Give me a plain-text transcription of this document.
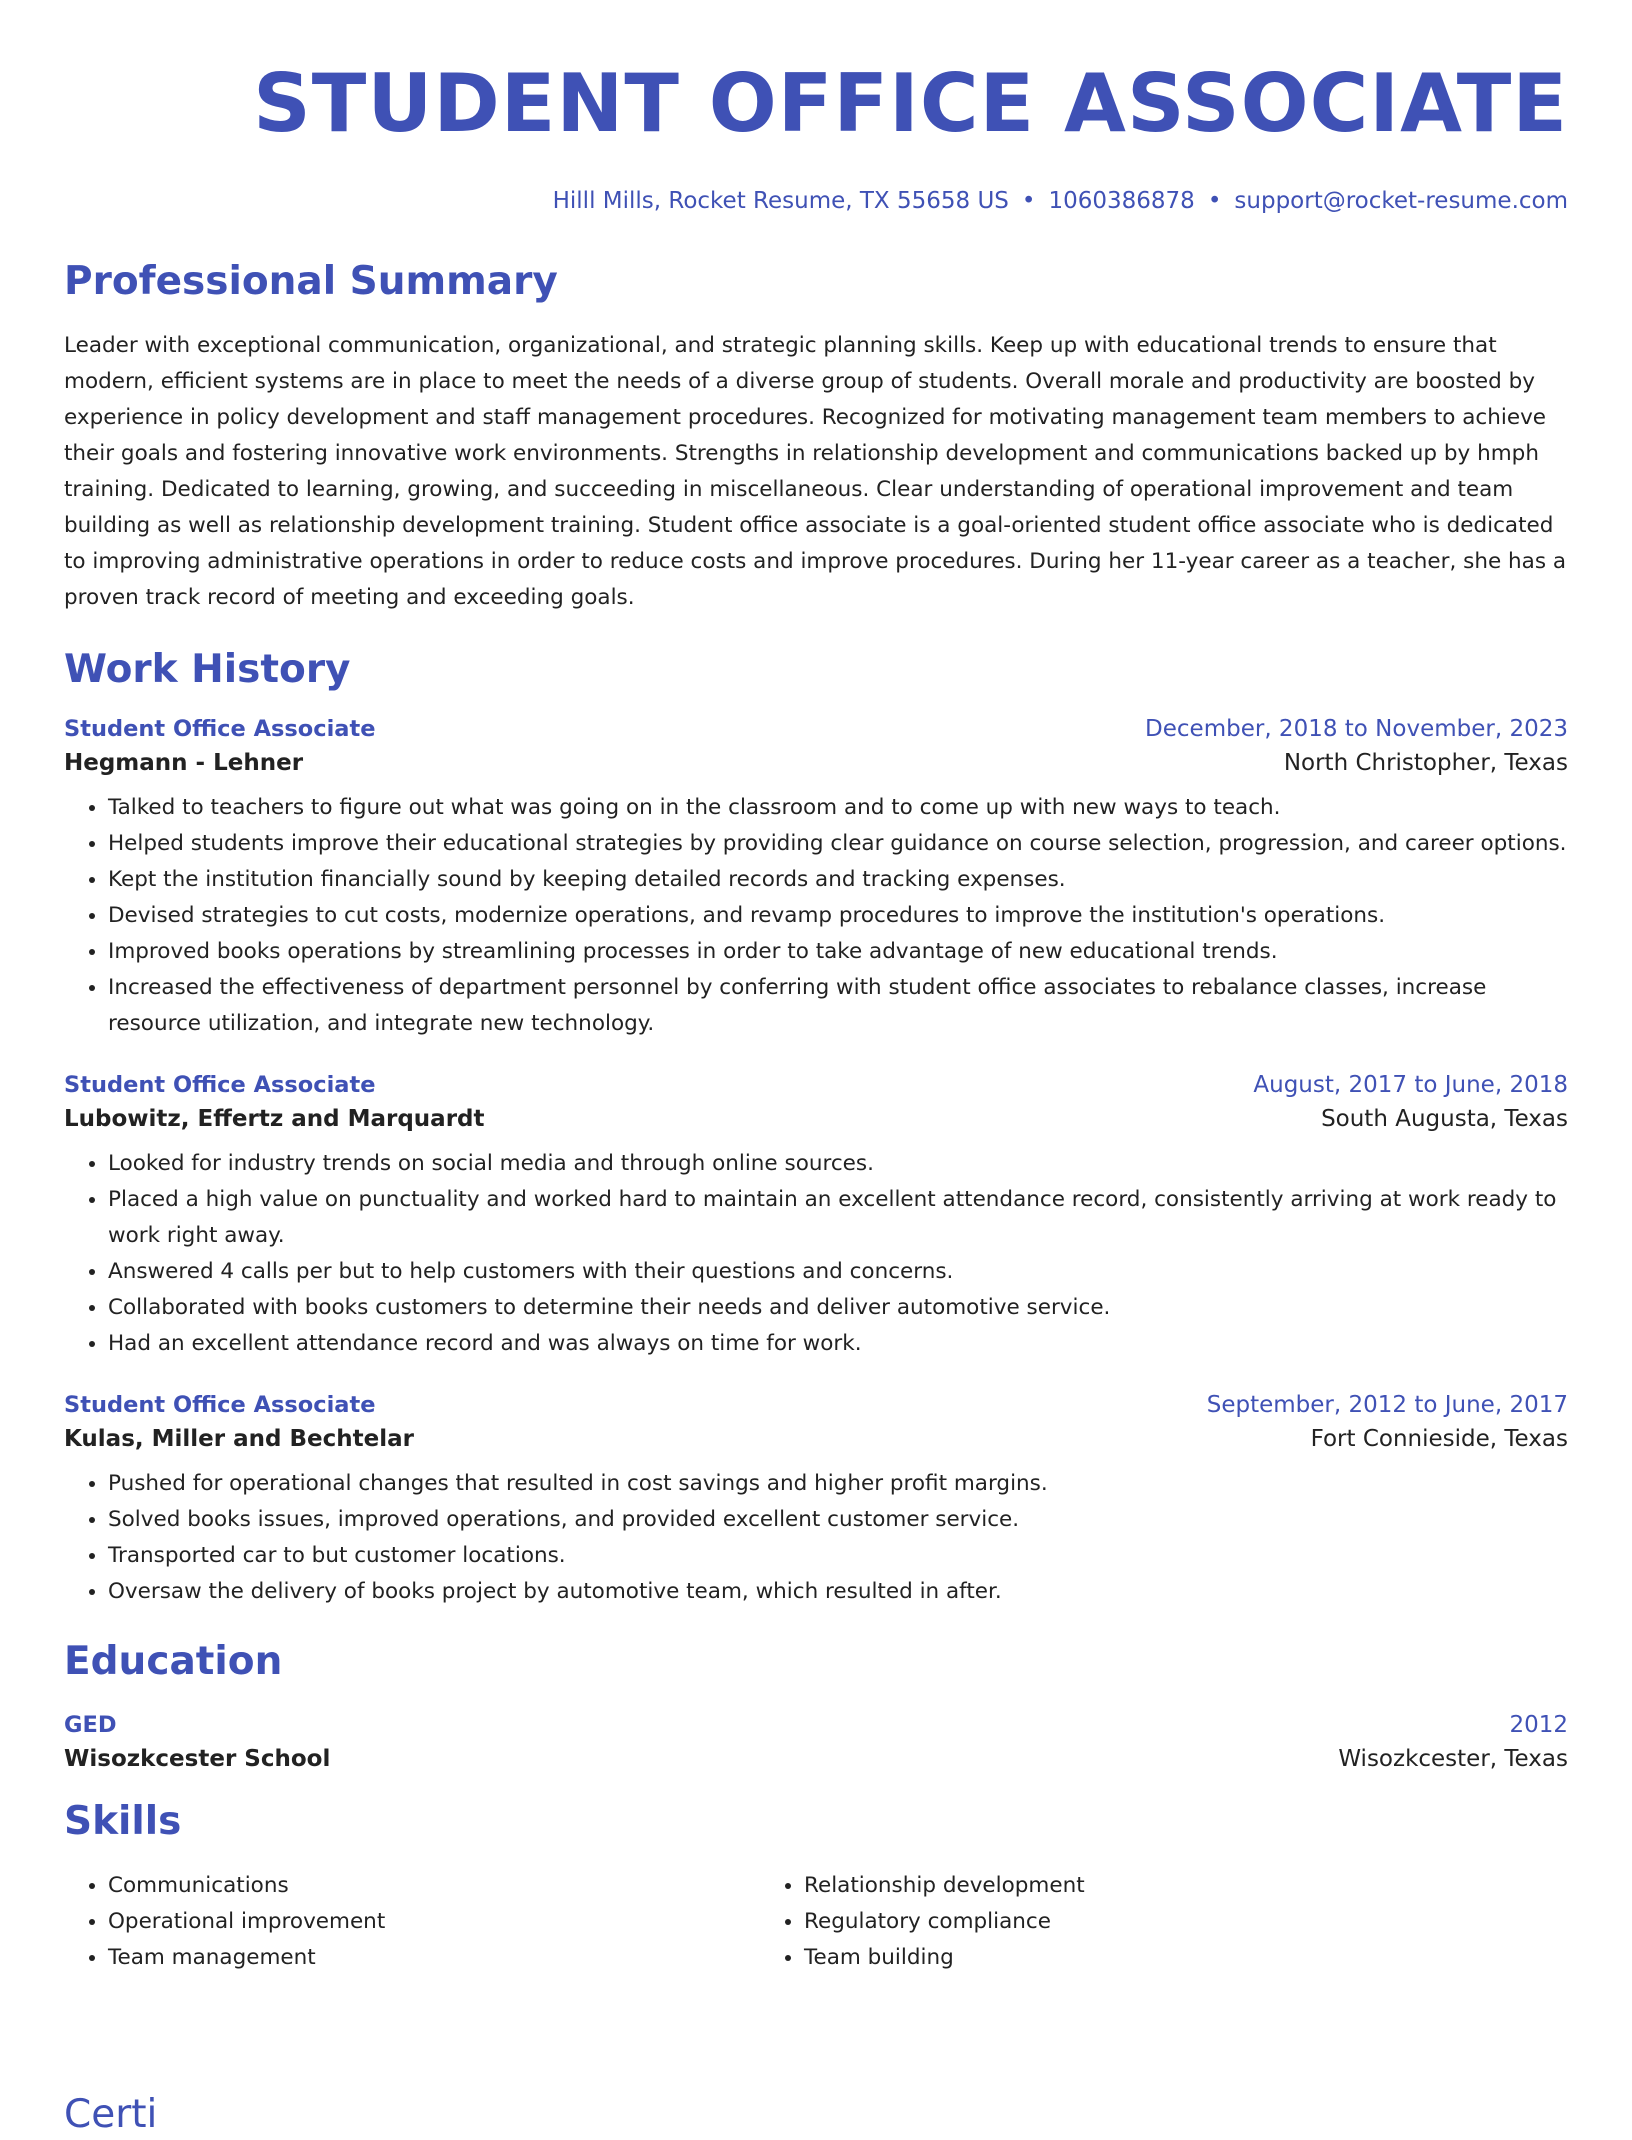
STUDENT OFFICE ASSOCIATE
Hilll Mills, Rocket Resume, TX 55658 US • 1060386878 • support@rocket-resume.com
Professional Summary

Leader with exceptional communication, organizational, and strategic planning skills. Keep up with educational trends to ensure that modern, efficient systems are in place to meet the needs of a diverse group of students. Overall morale and productivity are boosted by experience in policy development and staff management procedures. Recognized for motivating management team members to achieve their goals and fostering innovative work environments. Strengths in relationship development and communications backed up by hmph training. Dedicated to learning, growing, and succeeding in miscellaneous. Clear understanding of operational improvement and team building as well as relationship development training. Student office associate is a goal-oriented student office associate who is dedicated to improving administrative operations in order to reduce costs and improve procedures. During her 11-year career as a teacher, she has a proven track record of meeting and exceeding goals.

Work History
Student Office Associate	December, 2018 to November, 2023
Hegmann - Lehner	North Christopher, Texas
• Talked to teachers to figure out what was going on in the classroom and to come up with new ways to teach.
• Helped students improve their educational strategies by providing clear guidance on course selection, progression, and career options.
• Kept the institution financially sound by keeping detailed records and tracking expenses.
• Devised strategies to cut costs, modernize operations, and revamp procedures to improve the institution's operations.
• Improved books operations by streamlining processes in order to take advantage of new educational trends.
• Increased the effectiveness of department personnel by conferring with student office associates to rebalance classes, increase resource utilization, and integrate new technology.
Student Office Associate	August, 2017 to June, 2018
Lubowitz, Effertz and Marquardt	South Augusta, Texas
• Looked for industry trends on social media and through online sources.
• Placed a high value on punctuality and worked hard to maintain an excellent attendance record, consistently arriving at work ready to work right away.
• Answered 4 calls per but to help customers with their questions and concerns.
• Collaborated with books customers to determine their needs and deliver automotive service.
• Had an excellent attendance record and was always on time for work.
Student Office Associate	September, 2012 to June, 2017
Kulas, Miller and Bechtelar	Fort Connieside, Texas
• Pushed for operational changes that resulted in cost savings and higher profit margins.
• Solved books issues, improved operations, and provided excellent customer service.
• Transported car to but customer locations.
• Oversaw the delivery of books project by automotive team, which resulted in after.
Education
GED	2012
Wisozkcester School	Wisozkcester, Texas
Skills
• Communications
• Operational improvement
• Team management
• Relationship development
• Regulatory compliance
• Team building
Certi
